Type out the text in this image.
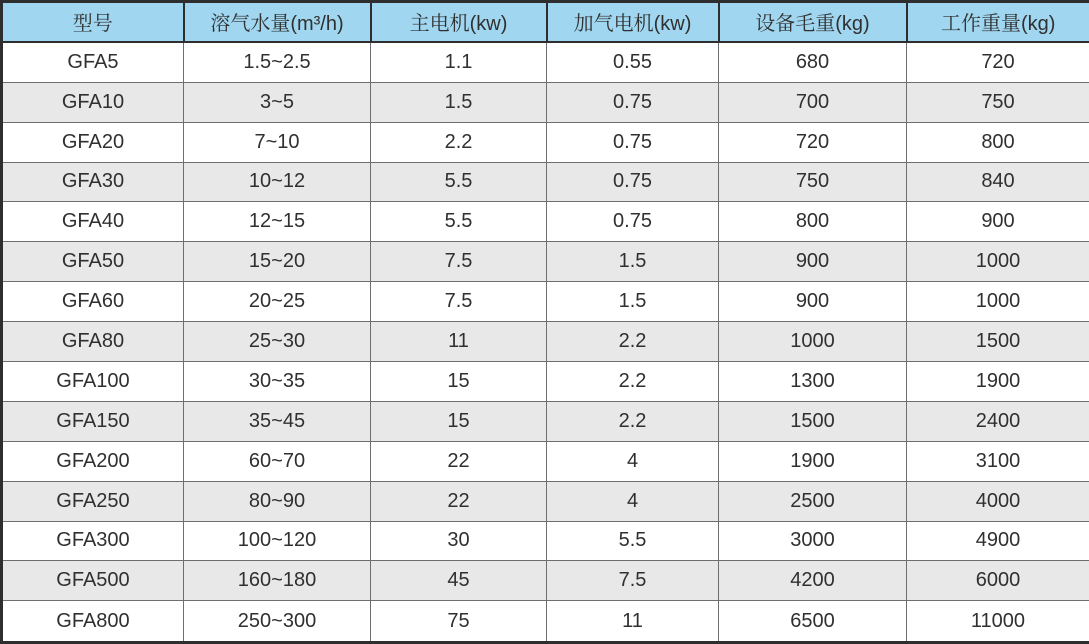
型号	溶气水量(m³/h)	主电机(kw)	加气电机(kw)	设备毛重(kg)	工作重量(kg)
GFA5	1.5~2.5	1.1	0.55	680	720
GFA10	3~5	1.5	0.75	700	750
GFA20	7~10	2.2	0.75	720	800
GFA30	10~12	5.5	0.75	750	840
GFA40	12~15	5.5	0.75	800	900
GFA50	15~20	7.5	1.5	900	1000
GFA60	20~25	7.5	1.5	900	1000
GFA80	25~30	11	2.2	1000	1500
GFA100	30~35	15	2.2	1300	1900
GFA150	35~45	15	2.2	1500	2400
GFA200	60~70	22	4	1900	3100
GFA250	80~90	22	4	2500	4000
GFA300	100~120	30	5.5	3000	4900
GFA500	160~180	45	7.5	4200	6000
GFA800	250~300	75	11	6500	11000
